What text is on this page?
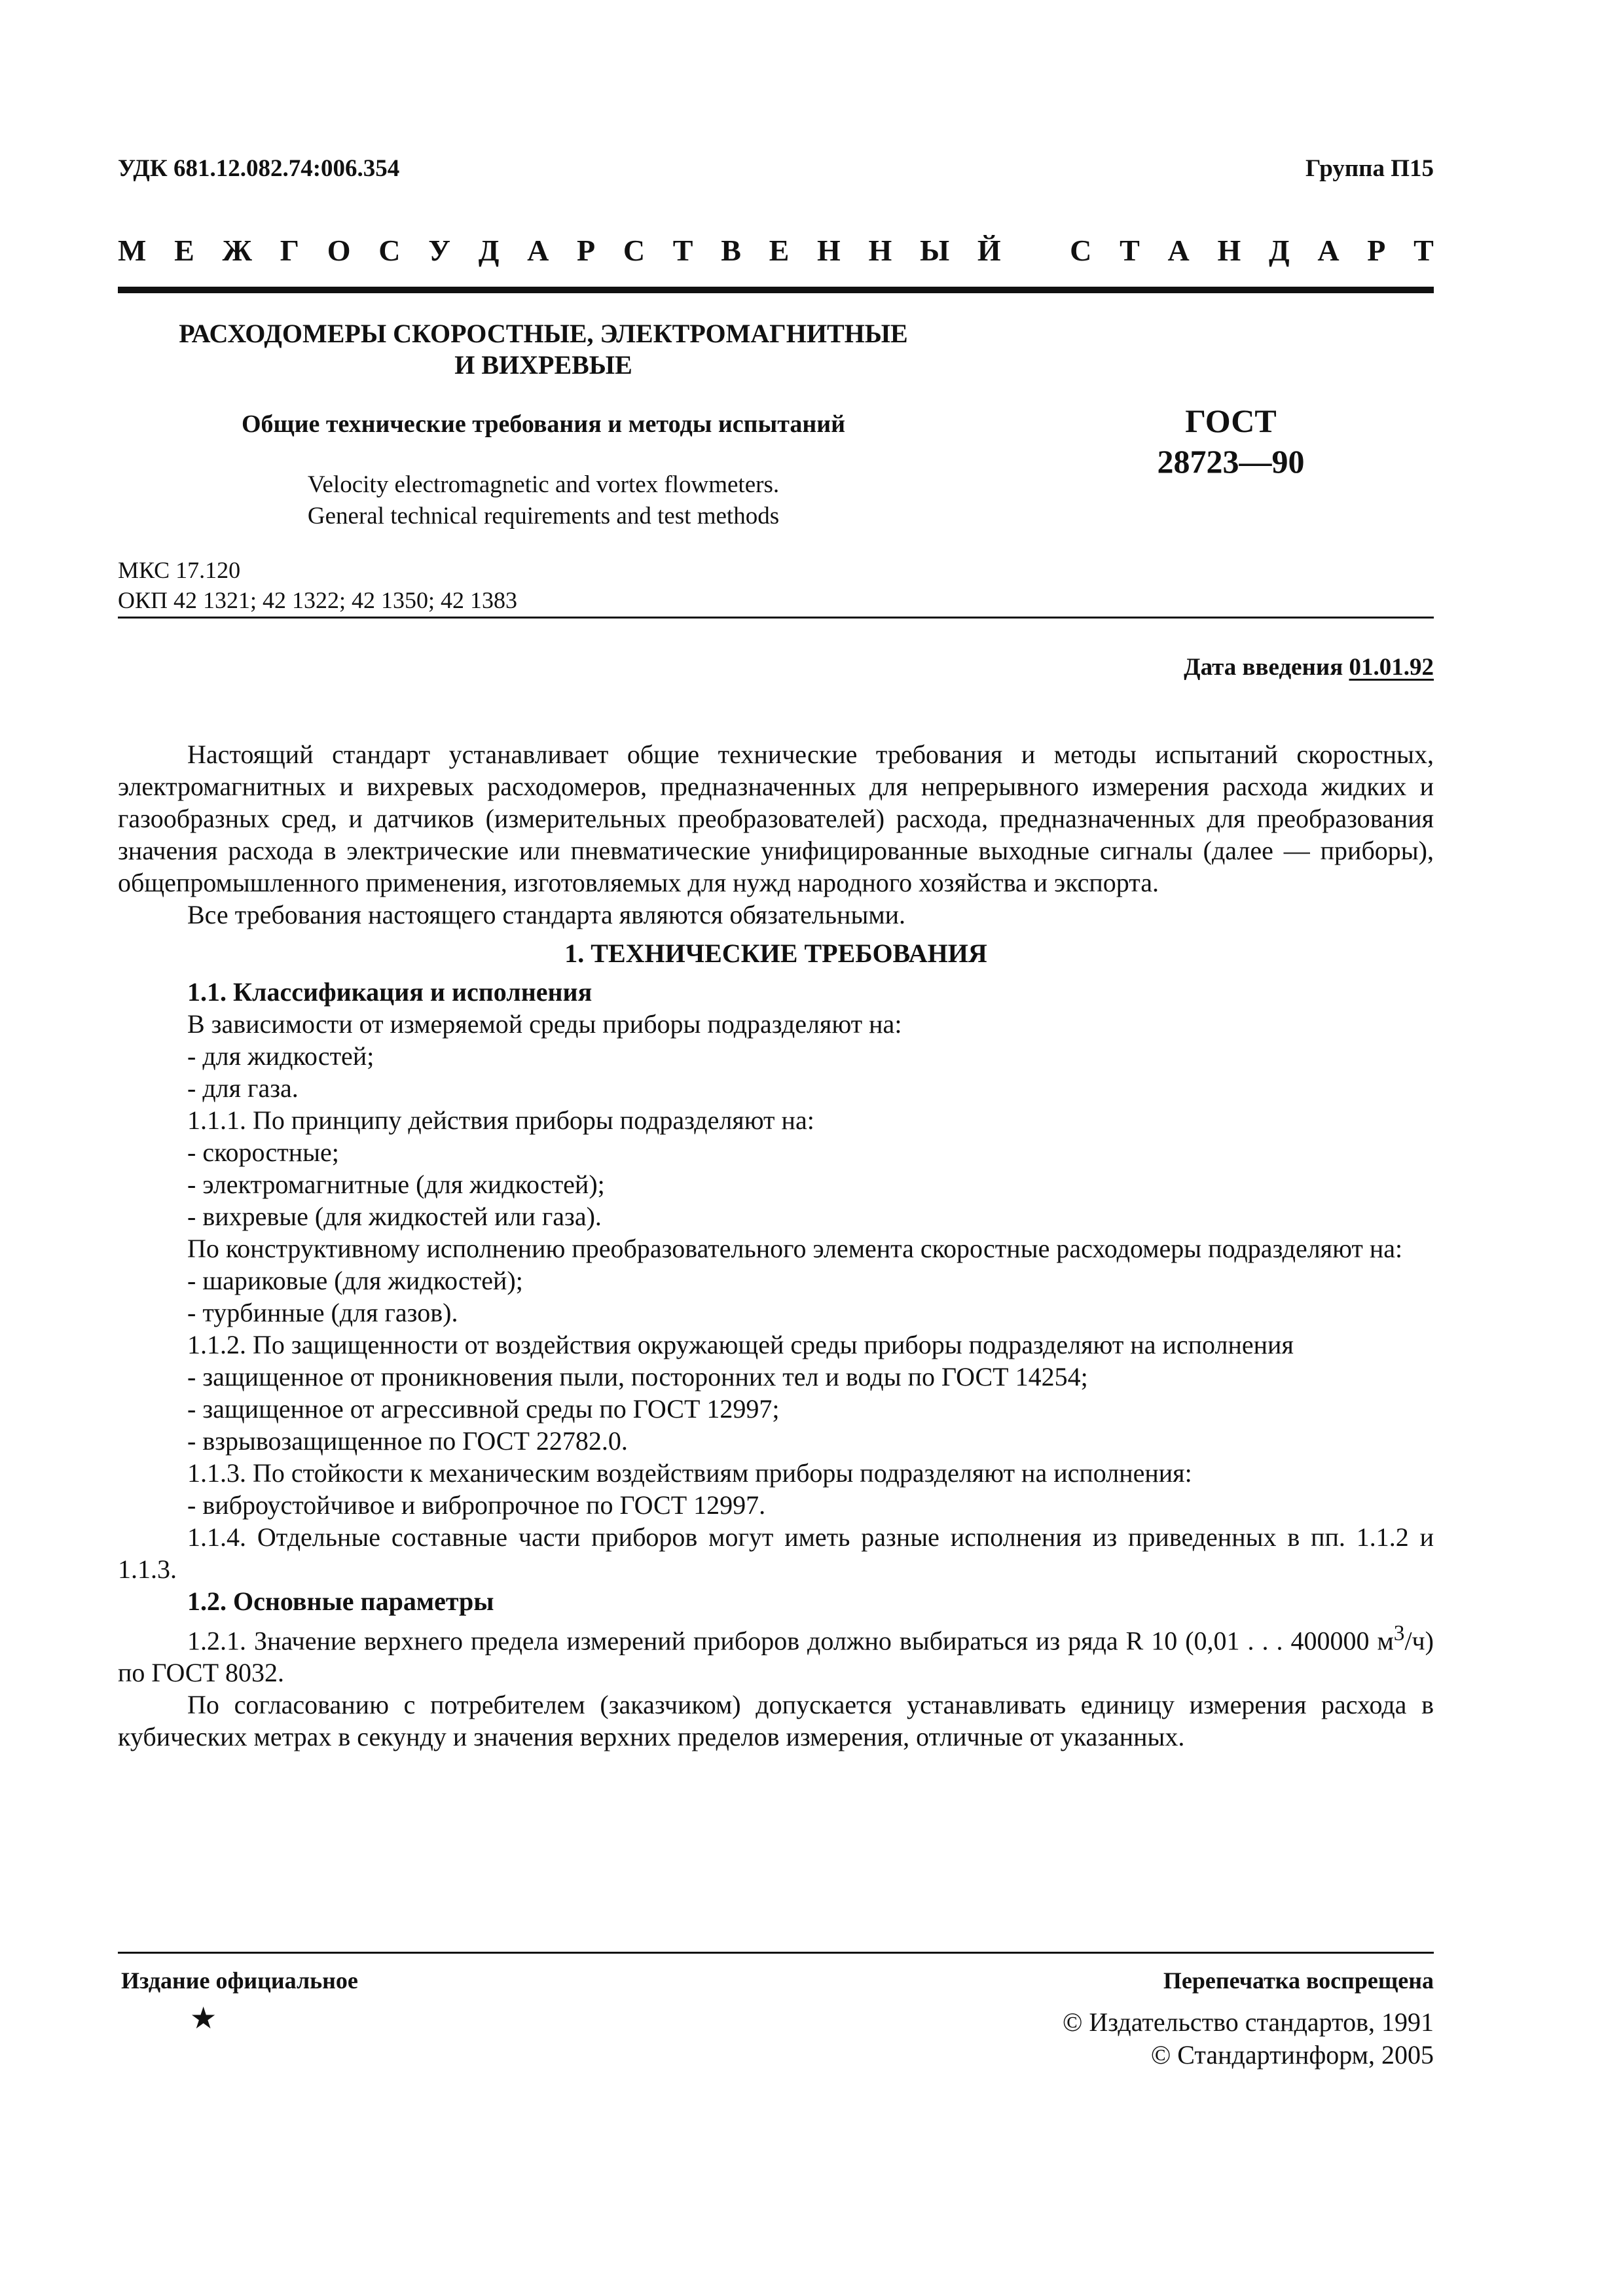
УДК 681.12.082.74:006.354	Группа П15
М Е Ж Г О С У Д А Р С Т В Е Н Н Ы Й
С Т А Н Д А Р Т
РАСХОДОМЕРЫ СКОРОСТНЫЕ, ЭЛЕКТРОМАГНИТНЫЕ
И ВИХРЕВЫЕ
Общие технические требования и методы испытаний
Velocity electromagnetic and vortex flowmeters.
General technical requirements and test methods
ГОСТ
28723—90
МКС 17.120
ОКП 42 1321; 42 1322; 42 1350; 42 1383
Дата введения 01.01.92

Настоящий стандарт устанавливает общие технические требования и методы испытаний скоростных, электромагнитных и вихревых расходомеров, предназначенных для непрерывного измерения расхода жидких и газообразных сред, и датчиков (измерительных преобразователей) расхода, предназначенных для преобразования значения расхода в электрические или пневматические унифицированные выходные сигналы (далее — приборы), общепромышленного применения, изготовляемых для нужд народного хозяйства и экспорта.

Все требования настоящего стандарта являются обязательными.

1. ТЕХНИЧЕСКИЕ ТРЕБОВАНИЯ

1.1. Классификация и исполнения

В зависимости от измеряемой среды приборы подразделяют на:

- для жидкостей;

- для газа.

1.1.1. По принципу действия приборы подразделяют на:

- скоростные;

- электромагнитные (для жидкостей);

- вихревые (для жидкостей или газа).

По конструктивному исполнению преобразовательного элемента скоростные расходомеры подразделяют на:

- шариковые (для жидкостей);

- турбинные (для газов).

1.1.2. По защищенности от воздействия окружающей среды приборы подразделяют на исполнения

- защищенное от проникновения пыли, посторонних тел и воды по ГОСТ 14254;

- защищенное от агрессивной среды по ГОСТ 12997;

- взрывозащищенное по ГОСТ 22782.0.

1.1.3. По стойкости к механическим воздействиям приборы подразделяют на исполнения:

- виброустойчивое и вибропрочное по ГОСТ 12997.

1.1.4. Отдельные составные части приборов могут иметь разные исполнения из приведенных в пп. 1.1.2 и 1.1.3.

1.2. Основные параметры

1.2.1. Значение верхнего предела измерений приборов должно выбираться из ряда R 10 (0,01 . . . 400000 $м^3/ч$) по ГОСТ 8032.

По согласованию с потребителем (заказчиком) допускается устанавливать единицу измерения расхода в кубических метрах в секунду и значения верхних пределов измерения, отличные от указанных.

Издание официальное	Перепечатка воспрещена
★	© Издательство стандартов, 1991
© Стандартинформ, 2005
